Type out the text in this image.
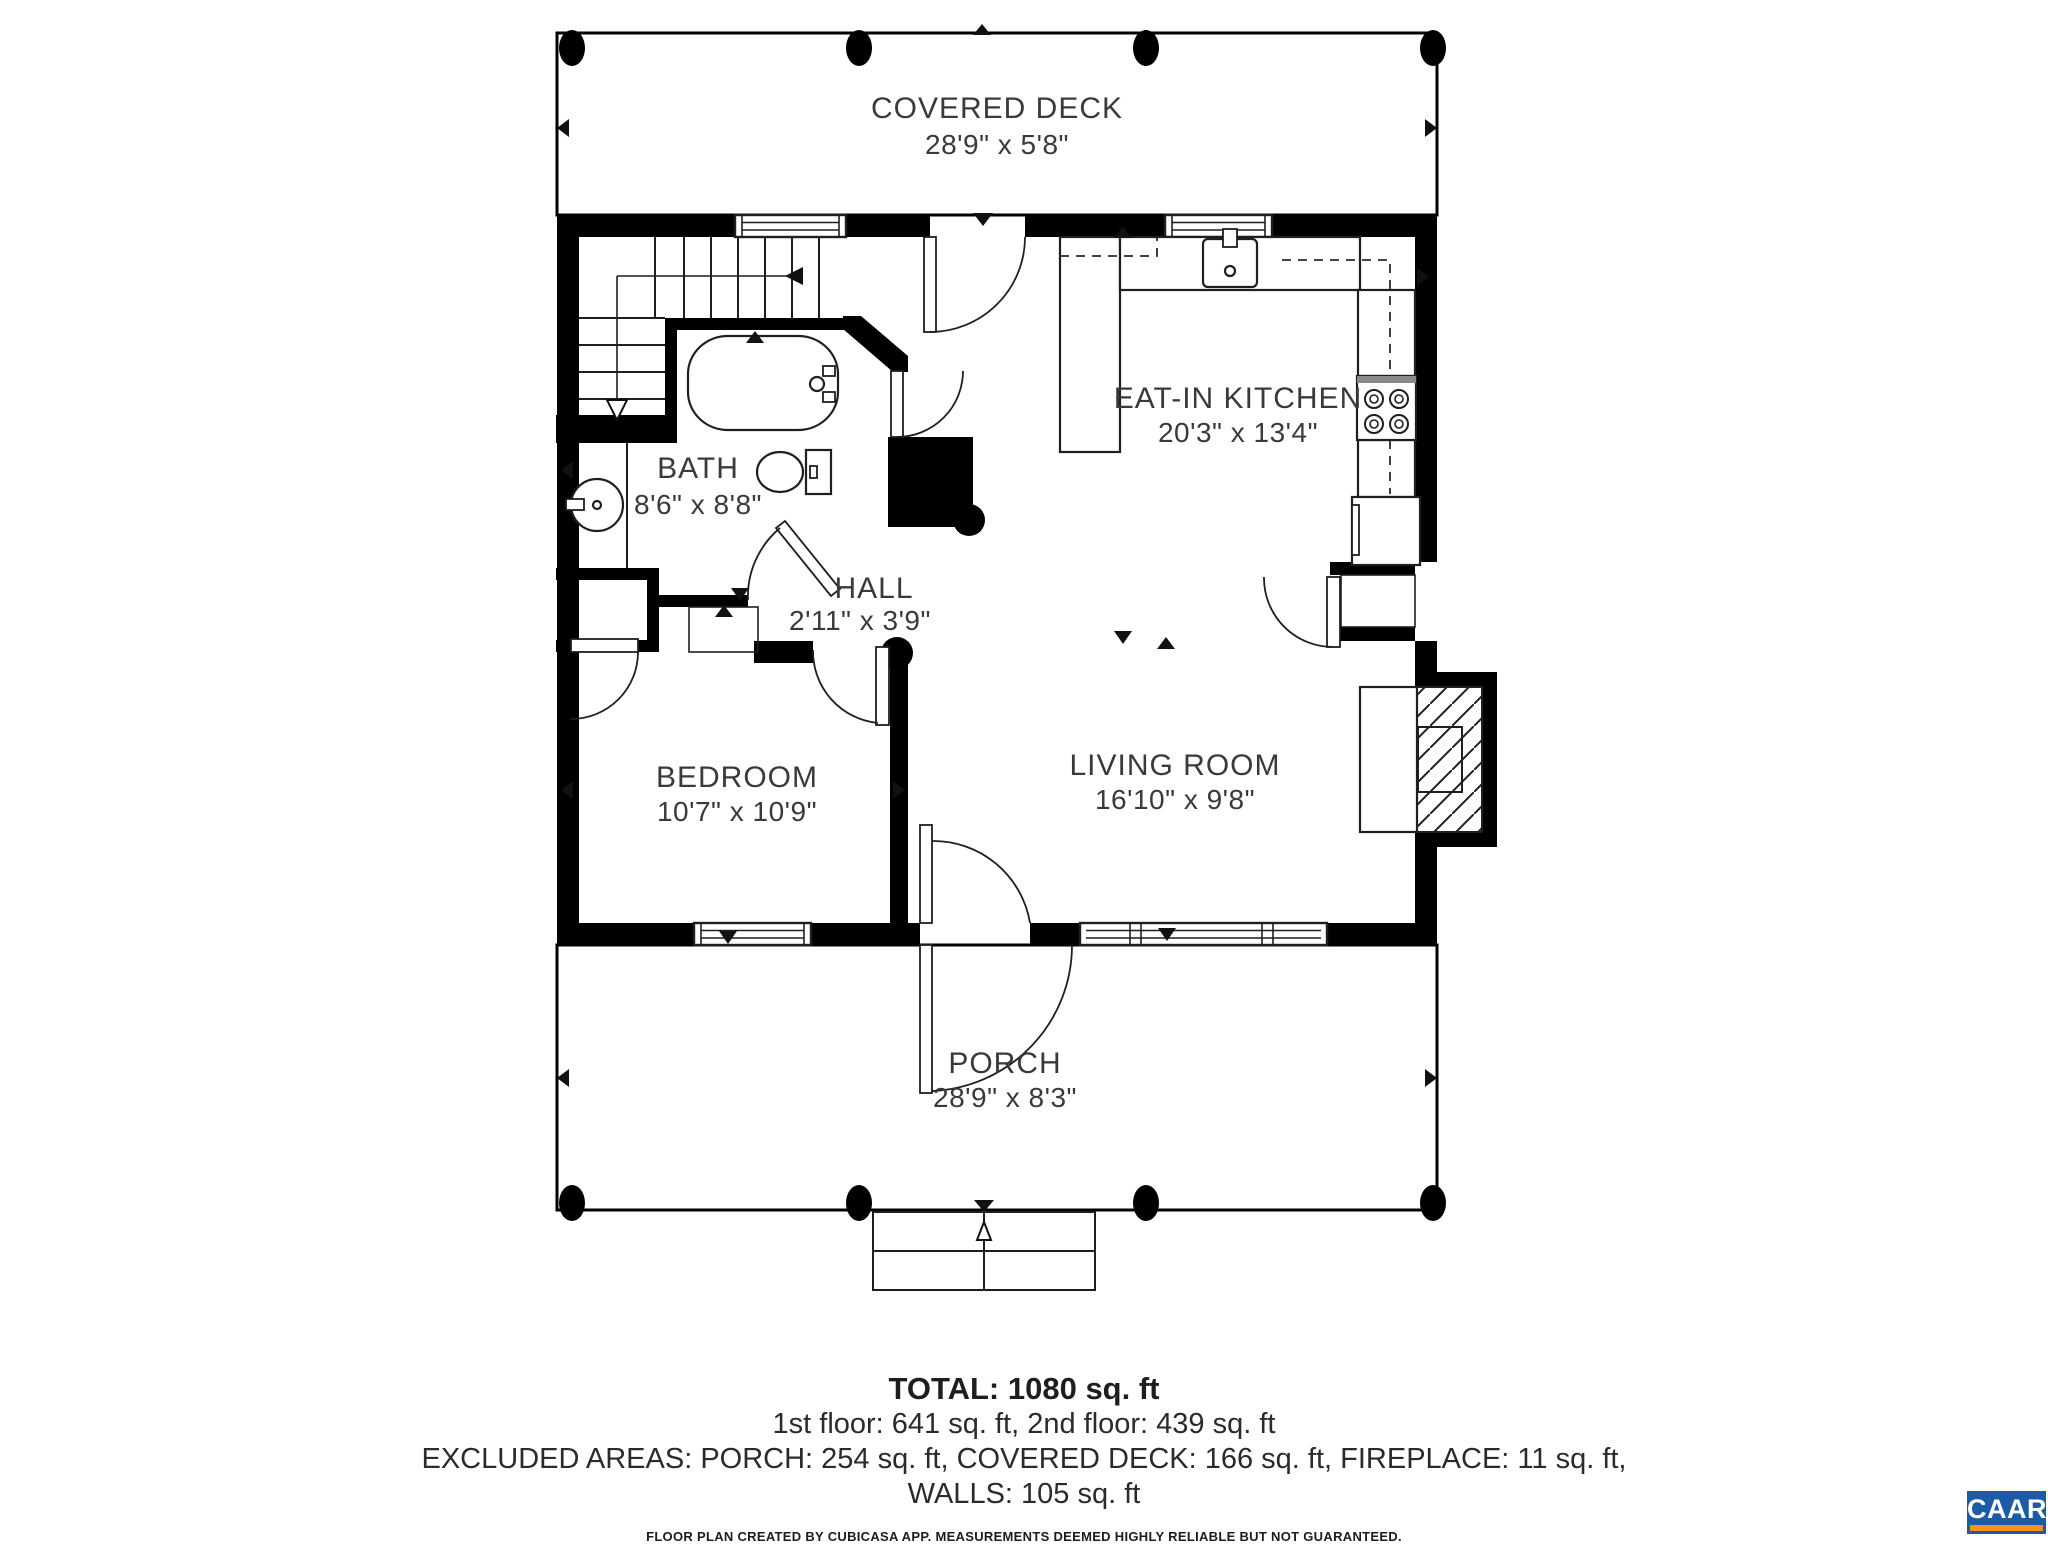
COVERED DECK
28'9" x 5'8"
EAT-IN KITCHEN
20'3" x 13'4"
BATH
8'6" x 8'8"
HALL
2'11" x 3'9"
BEDROOM
10'7" x 10'9"
LIVING ROOM
16'10" x 9'8"
PORCH
28'9" x 8'3"
TOTAL: 1080 sq. ft
1st floor: 641 sq. ft, 2nd floor: 439 sq. ft
EXCLUDED AREAS: PORCH: 254 sq. ft, COVERED DECK: 166 sq. ft, FIREPLACE: 11 sq. ft,
WALLS: 105 sq. ft
FLOOR PLAN CREATED BY CUBICASA APP. MEASUREMENTS DEEMED HIGHLY RELIABLE BUT NOT GUARANTEED.
CAAR
